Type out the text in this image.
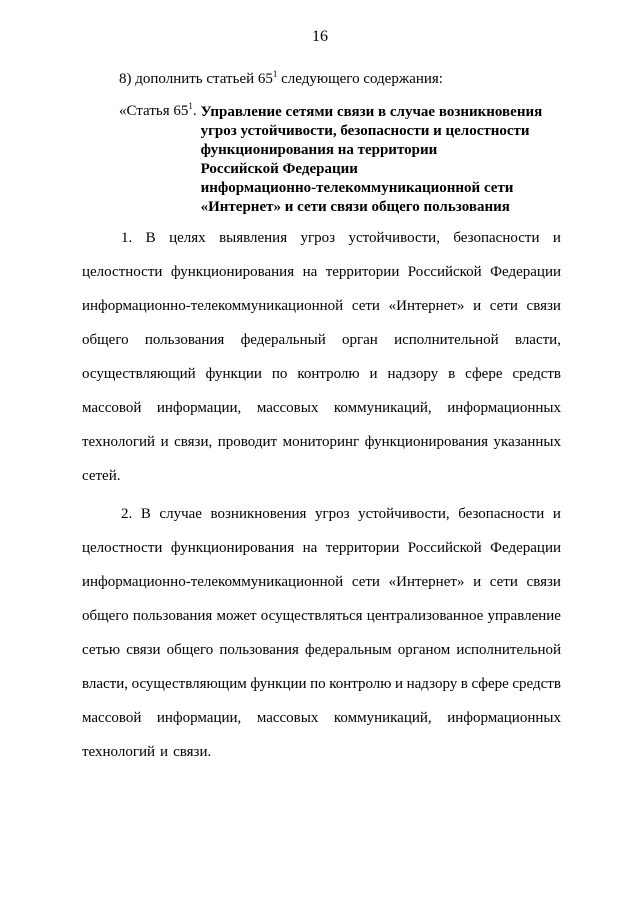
16
8) дополнить статьей $65^1$ следующего содержания:
«Статья $65^1$. Управление сетями связи в случае возникновения
угроз устойчивости, безопасности и целостности
функционирования на территории
Российской Федерации
информационно-телекоммуникационной сети
«Интернет» и сети связи общего пользования
1. В целях выявления угроз устойчивости, безопасности и
целостности функционирования на территории Российской Федерации
информационно-телекоммуникационной сети «Интернет» и сети связи
общего пользования федеральный орган исполнительной власти,
осуществляющий функции по контролю и надзору в сфере средств
массовой информации, массовых коммуникаций, информационных
технологий и связи, проводит мониторинг функционирования указанных
сетей.
2. В случае возникновения угроз устойчивости, безопасности и
целостности функционирования на территории Российской Федерации
информационно-телекоммуникационной сети «Интернет» и сети связи
общего пользования может осуществляться централизованное управление
сетью связи общего пользования федеральным органом исполнительной
власти, осуществляющим функции по контролю и надзору в сфере средств
массовой информации, массовых коммуникаций, информационных
технологий и связи.
